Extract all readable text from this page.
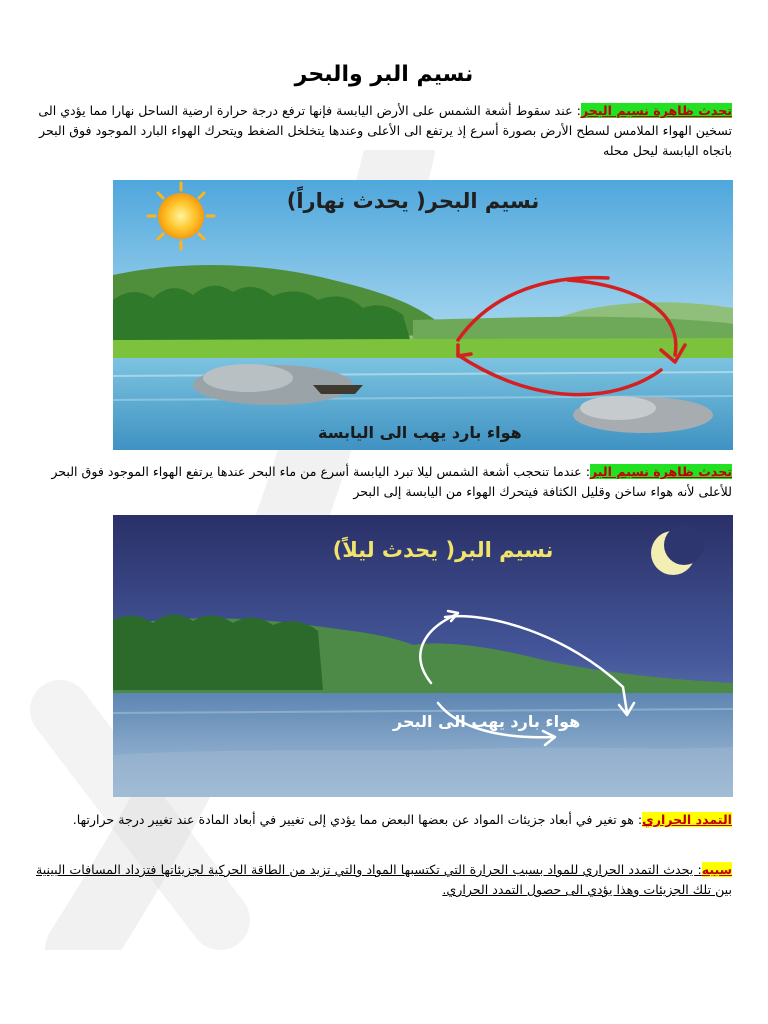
نسيم البر والبحر
تحدث ظاهرة نسيم البحر: عند سقوط أشعة الشمس على الأرض اليابسة فإنها ترفع درجة حرارة ارضية الساحل نهارا مما يؤدي الى تسخين الهواء الملامس لسطح الأرض بصورة أسرع إذ يرتفع الى الأعلى وعندها يتخلخل الضغط ويتحرك الهواء البارد الموجود فوق البحر باتجاه اليابسة ليحل محله
نسيم البحر( يحدث نهاراً)
هواء بارد يهب الى اليابسة
تحدث ظاهرة نسيم البر: عندما تنحجب أشعة الشمس ليلا تبرد اليابسة أسرع من ماء البحر عندها يرتفع الهواء الموجود فوق البحر للأعلى لأنه هواء ساخن وقليل الكثافة فيتحرك الهواء من اليابسة إلى البحر
نسيم البر( يحدث ليلاً)
هواء بارد يهب الى البحر
التمدد الحراري: هو تغير في أبعاد جزيئات المواد عن بعضها البعض مما يؤدي إلى تغيير في أبعاد المادة عند تغيير درجة حرارتها.
سببه: يحدث التمدد الحراري للمواد بسبب الحرارة التي تكتسبها المواد والتي تزيد من الطاقة الحركية لجزيئاتها فتزداد المسافات البينية بين تلك الجزيئات وهذا يؤدي الى حصول التمدد الحراري.
